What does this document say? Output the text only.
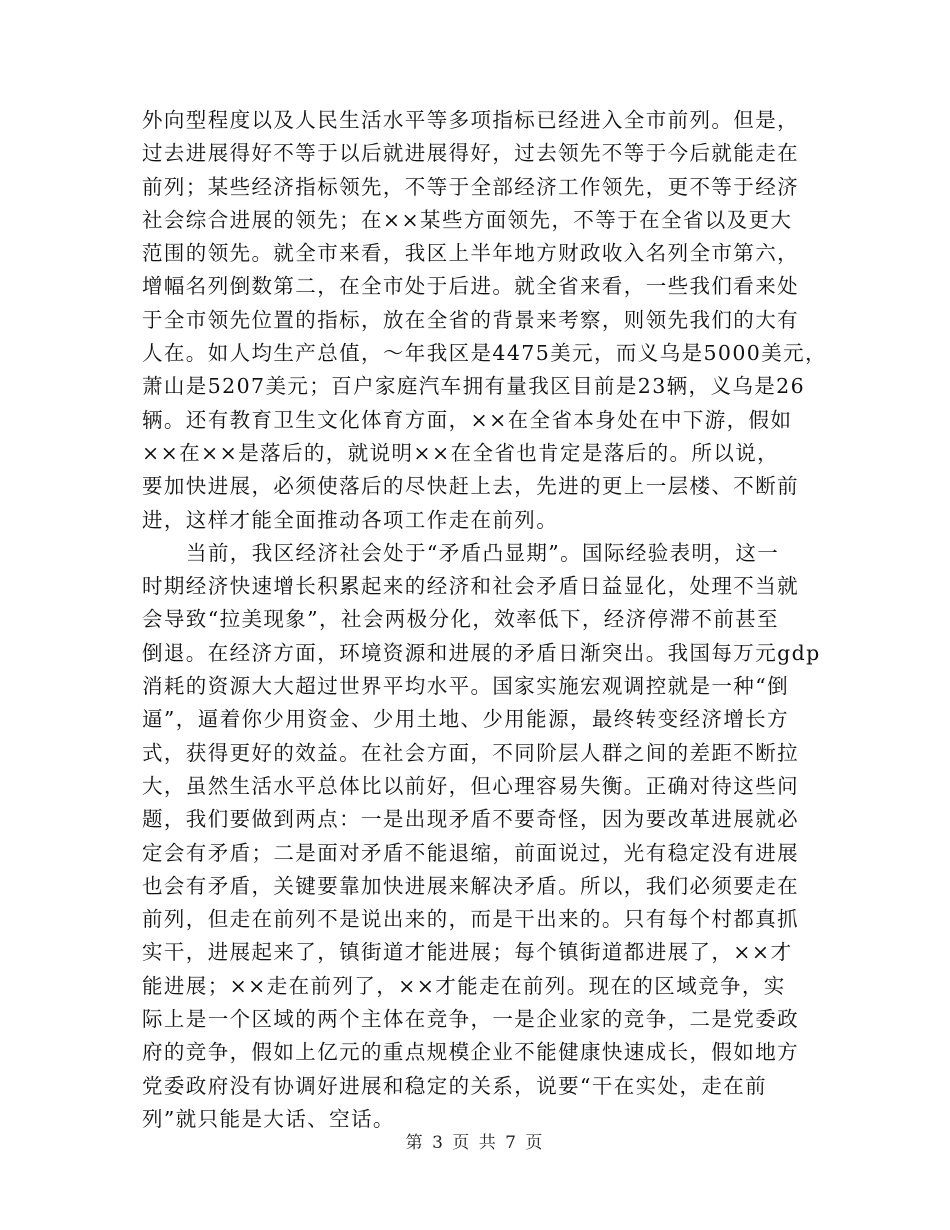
外向型程度以及人民生活水平等多项指标已经进入全市前列。但是，
过去进展得好不等于以后就进展得好，过去领先不等于今后就能走在
前列；某些经济指标领先，不等于全部经济工作领先，更不等于经济
社会综合进展的领先；在××某些方面领先，不等于在全省以及更大
范围的领先。就全市来看，我区上半年地方财政收入名列全市第六，
增幅名列倒数第二，在全市处于后进。就全省来看，一些我们看来处
于全市领先位置的指标，放在全省的背景来考察，则领先我们的大有
人在。如人均生产总值，～年我区是4475美元，而义乌是5000美元，
萧山是5207美元；百户家庭汽车拥有量我区目前是23辆，义乌是26
辆。还有教育卫生文化体育方面，××在全省本身处在中下游，假如
××在××是落后的，就说明××在全省也肯定是落后的。所以说，
要加快进展，必须使落后的尽快赶上去，先进的更上一层楼、不断前
进，这样才能全面推动各项工作走在前列。
当前，我区经济社会处于“矛盾凸显期”。国际经验表明，这一
时期经济快速增长积累起来的经济和社会矛盾日益显化，处理不当就
会导致“拉美现象”，社会两极分化，效率低下，经济停滞不前甚至
倒退。在经济方面，环境资源和进展的矛盾日渐突出。我国每万元gdp
消耗的资源大大超过世界平均水平。国家实施宏观调控就是一种“倒
逼”，逼着你少用资金、少用土地、少用能源，最终转变经济增长方
式，获得更好的效益。在社会方面，不同阶层人群之间的差距不断拉
大，虽然生活水平总体比以前好，但心理容易失衡。正确对待这些问
题，我们要做到两点：一是出现矛盾不要奇怪，因为要改革进展就必
定会有矛盾；二是面对矛盾不能退缩，前面说过，光有稳定没有进展
也会有矛盾，关键要靠加快进展来解决矛盾。所以，我们必须要走在
前列，但走在前列不是说出来的，而是干出来的。只有每个村都真抓
实干，进展起来了，镇街道才能进展；每个镇街道都进展了，××才
能进展；××走在前列了，××才能走在前列。现在的区域竞争，实
际上是一个区域的两个主体在竞争，一是企业家的竞争，二是党委政
府的竞争，假如上亿元的重点规模企业不能健康快速成长，假如地方
党委政府没有协调好进展和稳定的关系，说要“干在实处，走在前
列”就只能是大话、空话。
第 3 页 共 7 页
